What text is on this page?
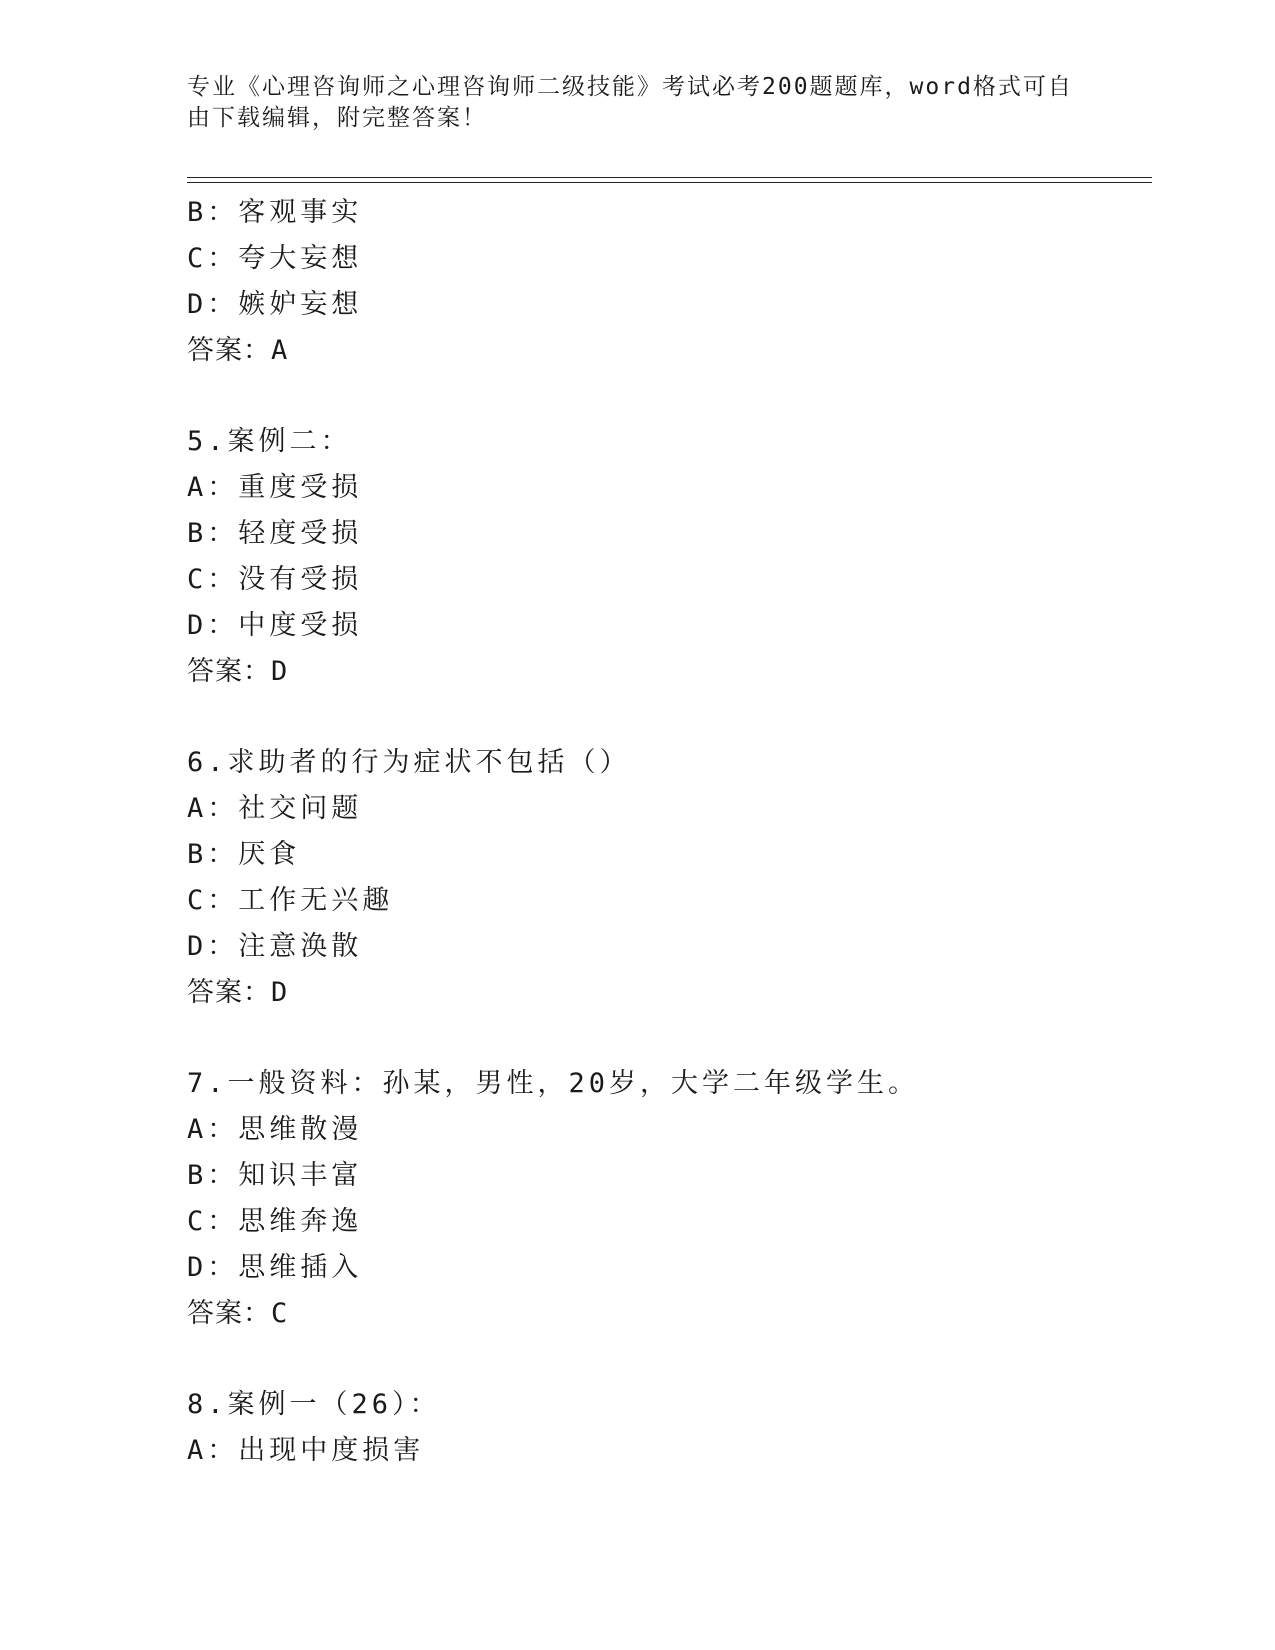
专业《心理咨询师之心理咨询师二级技能》考试必考200题题库，word格式可自
由下载编辑，附完整答案！
B：客观事实
C：夸大妄想
D：嫉妒妄想
答案：A
5.案例二：
A：重度受损
B：轻度受损
C：没有受损
D：中度受损
答案：D
6.求助者的行为症状不包括（）
A：社交问题
B：厌食
C：工作无兴趣
D：注意涣散
答案：D
7.一般资料：孙某，男性，20岁，大学二年级学生。
A：思维散漫
B：知识丰富
C：思维奔逸
D：思维插入
答案：C
8.案例一（26）：
A：出现中度损害
